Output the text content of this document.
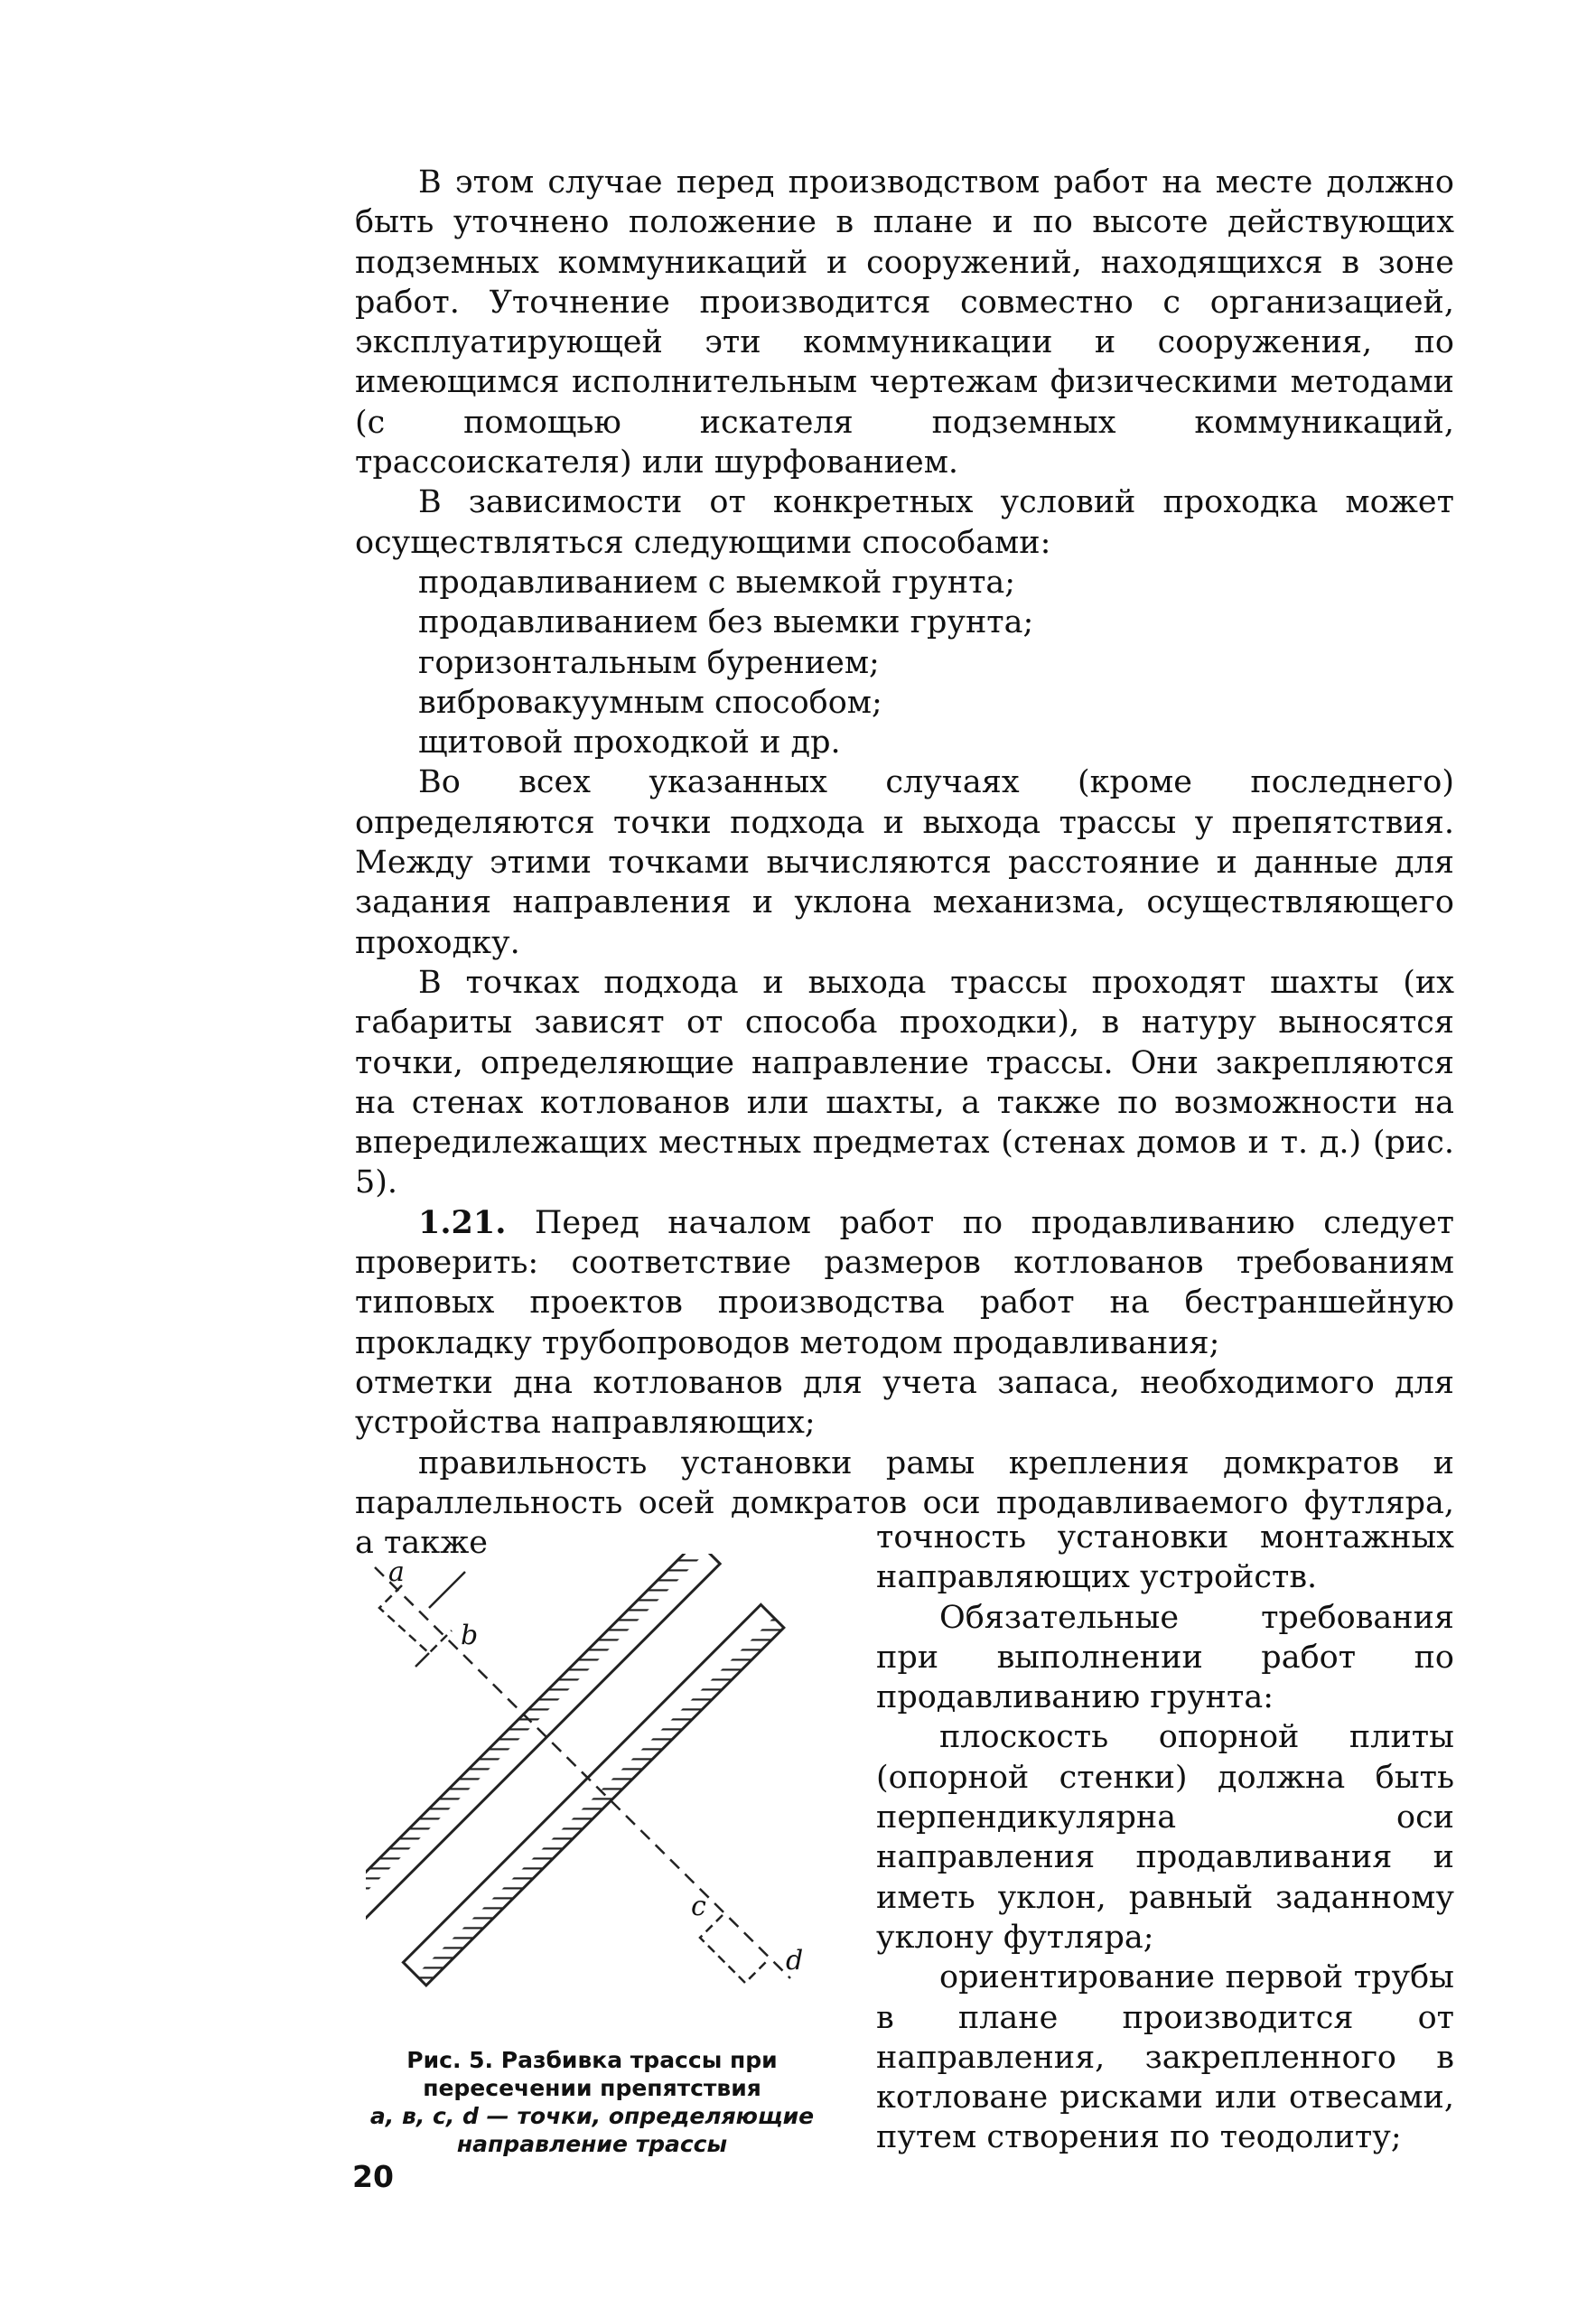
В этом случае перед производством работ на месте должно быть уточнено положение в плане и по высоте действующих подземных коммуникаций и сооружений, находящихся в зоне работ. Уточнение производится совместно с организацией, эксплуатирующей эти коммуникации и сооружения, по имеющимся исполнительным чертежам физическими методами (с помощью искателя подземных коммуникаций, трассоискателя) или шурфованием.

В зависимости от конкретных условий проходка может осуществляться следующими способами:

продавливанием с выемкой грунта;
продавливанием без выемки грунта;
горизонтальным бурением;
вибровакуумным способом;
щитовой проходкой и др.

Во всех указанных случаях (кроме последнего) определяются точки подхода и выхода трассы у препятствия. Между этими точками вычисляются расстояние и данные для задания направления и уклона механизма, осуществляющего проходку.

В точках подхода и выхода трассы проходят шахты (их габариты зависят от способа проходки), в натуру выносятся точки, определяющие направление трассы. Они закрепляются на стенах котлованов или шахты, а также по возможности на впередилежащих местных предметах (стенах домов и т. д.) (рис. 5).

1.21. Перед началом работ по продавливанию следует проверить: соответствие размеров котлованов требованиям типовых проектов производства работ на бестраншейную прокладку трубопроводов методом продавливания;

отметки дна котлованов для учета запаса, необходимого для устройства направляющих;

правильность установки рамы крепления домкратов и параллельность осей домкратов оси продавливаемого футляра, а также	точность установки монтажных направляющих устройств.

Обязательные требования при выполнении работ по продавливанию грунта:

плоскость опорной плиты (опорной стенки) должна быть перпендикулярна оси направления продавливания и иметь уклон, равный заданному уклону футляра;

ориентирование первой трубы в плане производится от направления, закрепленного в котловане рисками или отвесами, путем створения по теодолиту;

a
b
c
d
Рис. 5. Разбивка трассы при пересечении препятствия
a, в, c, d — точки, определяющие направление трассы
20
